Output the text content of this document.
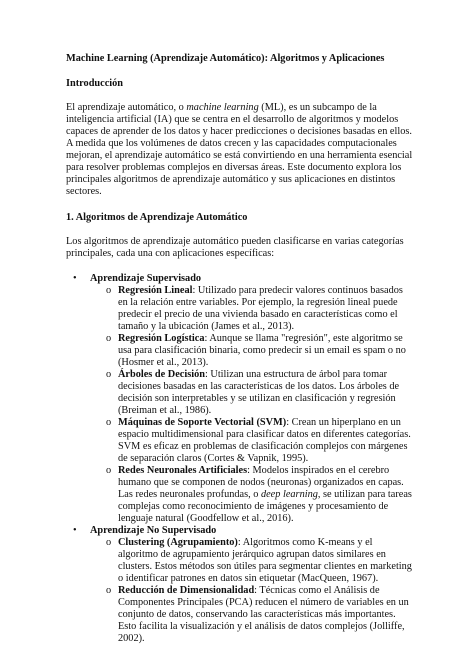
Machine Learning (Aprendizaje Automático): Algoritmos y Aplicaciones
Introducción

El aprendizaje automático, o machine learning (ML), es un subcampo de la inteligencia artificial (IA) que se centra en el desarrollo de algoritmos y modelos capaces de aprender de los datos y hacer predicciones o decisiones basadas en ellos. A medida que los volúmenes de datos crecen y las capacidades computacionales mejoran, el aprendizaje automático se está convirtiendo en una herramienta esencial para resolver problemas complejos en diversas áreas. Este documento explora los principales algoritmos de aprendizaje automático y sus aplicaciones en distintos sectores.

1. Algoritmos de Aprendizaje Automático

Los algoritmos de aprendizaje automático pueden clasificarse en varias categorías principales, cada una con aplicaciones específicas:

• Aprendizaje Supervisado
o Regresión Lineal: Utilizado para predecir valores continuos basados en la relación entre variables. Por ejemplo, la regresión lineal puede predecir el precio de una vivienda basado en características como el tamaño y la ubicación (James et al., 2013).
o Regresión Logística: Aunque se llama "regresión", este algoritmo se usa para clasificación binaria, como predecir si un email es spam o no (Hosmer et al., 2013).
o Árboles de Decisión: Utilizan una estructura de árbol para tomar decisiones basadas en las características de los datos. Los árboles de decisión son interpretables y se utilizan en clasificación y regresión (Breiman et al., 1986).
o Máquinas de Soporte Vectorial (SVM): Crean un hiperplano en un espacio multidimensional para clasificar datos en diferentes categorías. SVM es eficaz en problemas de clasificación complejos con márgenes de separación claros (Cortes & Vapnik, 1995).
o Redes Neuronales Artificiales: Modelos inspirados en el cerebro humano que se componen de nodos (neuronas) organizados en capas. Las redes neuronales profundas, o deep learning, se utilizan para tareas complejas como reconocimiento de imágenes y procesamiento de lenguaje natural (Goodfellow et al., 2016).
• Aprendizaje No Supervisado
o Clustering (Agrupamiento): Algoritmos como K-means y el algoritmo de agrupamiento jerárquico agrupan datos similares en clusters. Estos métodos son útiles para segmentar clientes en marketing o identificar patrones en datos sin etiquetar (MacQueen, 1967).
o Reducción de Dimensionalidad: Técnicas como el Análisis de Componentes Principales (PCA) reducen el número de variables en un conjunto de datos, conservando las características más importantes. Esto facilita la visualización y el análisis de datos complejos (Jolliffe, 2002).
